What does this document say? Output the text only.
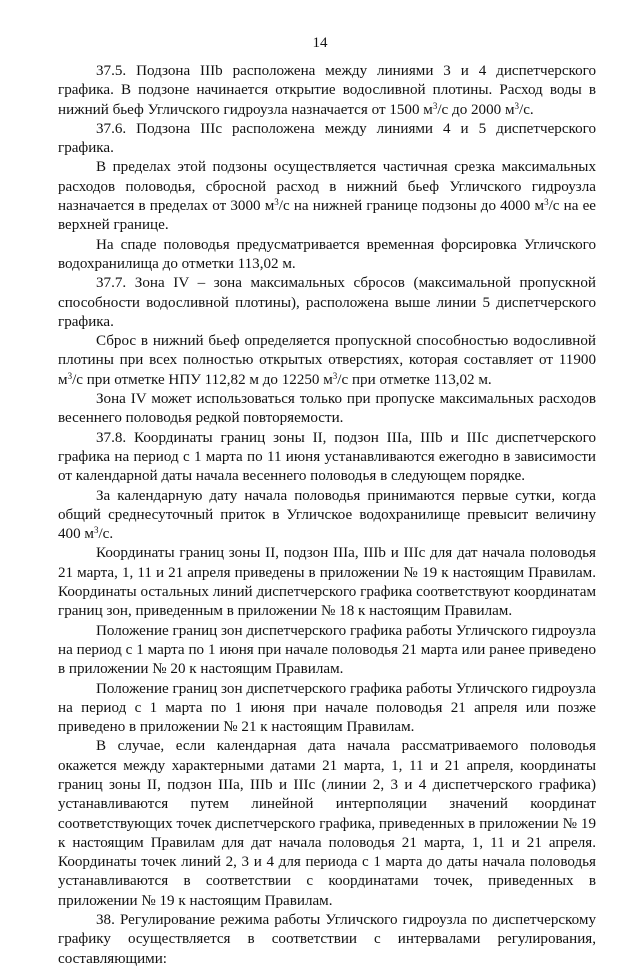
14

37.5. Подзона IIIb расположена между линиями 3 и 4 диспетчерского графика. В подзоне начинается открытие водосливной плотины. Расход воды в нижний бьеф Угличского гидроузла назначается от 1500 $м^3/с$ до 2000 $м^3/с$.

37.6. Подзона IIIc расположена между линиями 4 и 5 диспетчерского графика.

В пределах этой подзоны осуществляется частичная срезка максимальных расходов половодья, сбросной расход в нижний бьеф Угличского гидроузла назначается в пределах от 3000 $м^3/с$ на нижней границе подзоны до 4000 $м^3/с$ на ее верхней границе.

На спаде половодья предусматривается временная форсировка Угличского водохранилища до отметки 113,02 м.

37.7. Зона IV – зона максимальных сбросов (максимальной пропускной способности водосливной плотины), расположена выше линии 5 диспетчерского графика.

Сброс в нижний бьеф определяется пропускной способностью водосливной плотины при всех полностью открытых отверстиях, которая составляет от 11900 $м^3/с$ при отметке НПУ 112,82 м до 12250 $м^3/с$ при отметке 113,02 м.

Зона IV может использоваться только при пропуске максимальных расходов весеннего половодья редкой повторяемости.

37.8. Координаты границ зоны II, подзон IIIa, IIIb и IIIc диспетчерского графика на период с 1 марта по 11 июня устанавливаются ежегодно в зависимости от календарной даты начала весеннего половодья в следующем порядке.

За календарную дату начала половодья принимаются первые сутки, когда общий среднесуточный приток в Угличское водохранилище превысит величину 400 $м^3/с$.

Координаты границ зоны II, подзон IIIa, IIIb и IIIc для дат начала половодья 21 марта, 1, 11 и 21 апреля приведены в приложении № 19 к настоящим Правилам. Координаты остальных линий диспетчерского графика соответствуют координатам границ зон, приведенным в приложении № 18 к настоящим Правилам.

Положение границ зон диспетчерского графика работы Угличского гидроузла на период с 1 марта по 1 июня при начале половодья 21 марта или ранее приведено в приложении № 20 к настоящим Правилам.

Положение границ зон диспетчерского графика работы Угличского гидроузла на период с 1 марта по 1 июня при начале половодья 21 апреля или позже приведено в приложении № 21 к настоящим Правилам.

В случае, если календарная дата начала рассматриваемого половодья окажется между характерными датами 21 марта, 1, 11 и 21 апреля, координаты границ зоны II, подзон IIIa, IIIb и IIIc (линии 2, 3 и 4 диспетчерского графика) устанавливаются путем линейной интерполяции значений координат соответствующих точек диспетчерского графика, приведенных в приложении № 19 к настоящим Правилам для дат начала половодья 21 марта, 1, 11 и 21 апреля. Координаты точек линий 2, 3 и 4 для периода с 1 марта до даты начала половодья устанавливаются в соответствии с координатами точек, приведенных в приложении № 19 к настоящим Правилам.

38. Регулирование режима работы Угличского гидроузла по диспетчерскому графику осуществляется в соответствии с интервалами регулирования, составляющими:
